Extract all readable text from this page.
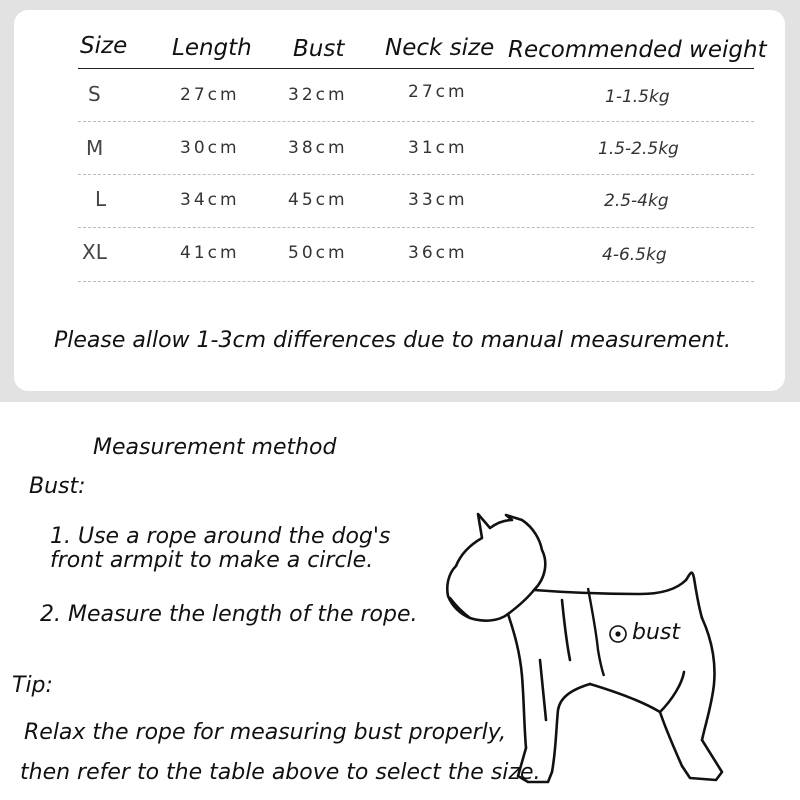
Size Length Bust Neck size Recommended weight
S	27cm	32cm	27cm	1-1.5kg
M	30cm	38cm	31cm	1.5-2.5kg
L	34cm	45cm	33cm	2.5-4kg
XL	41cm	50cm	36cm	4-6.5kg
Please allow 1-3cm differences due to manual measurement.
Measurement method
Bust:
1. Use a rope around the dog's
front armpit to make a circle.
2. Measure the length of the rope.
Tip:
Relax the rope for measuring bust properly,
then refer to the table above to select the size.
bust
